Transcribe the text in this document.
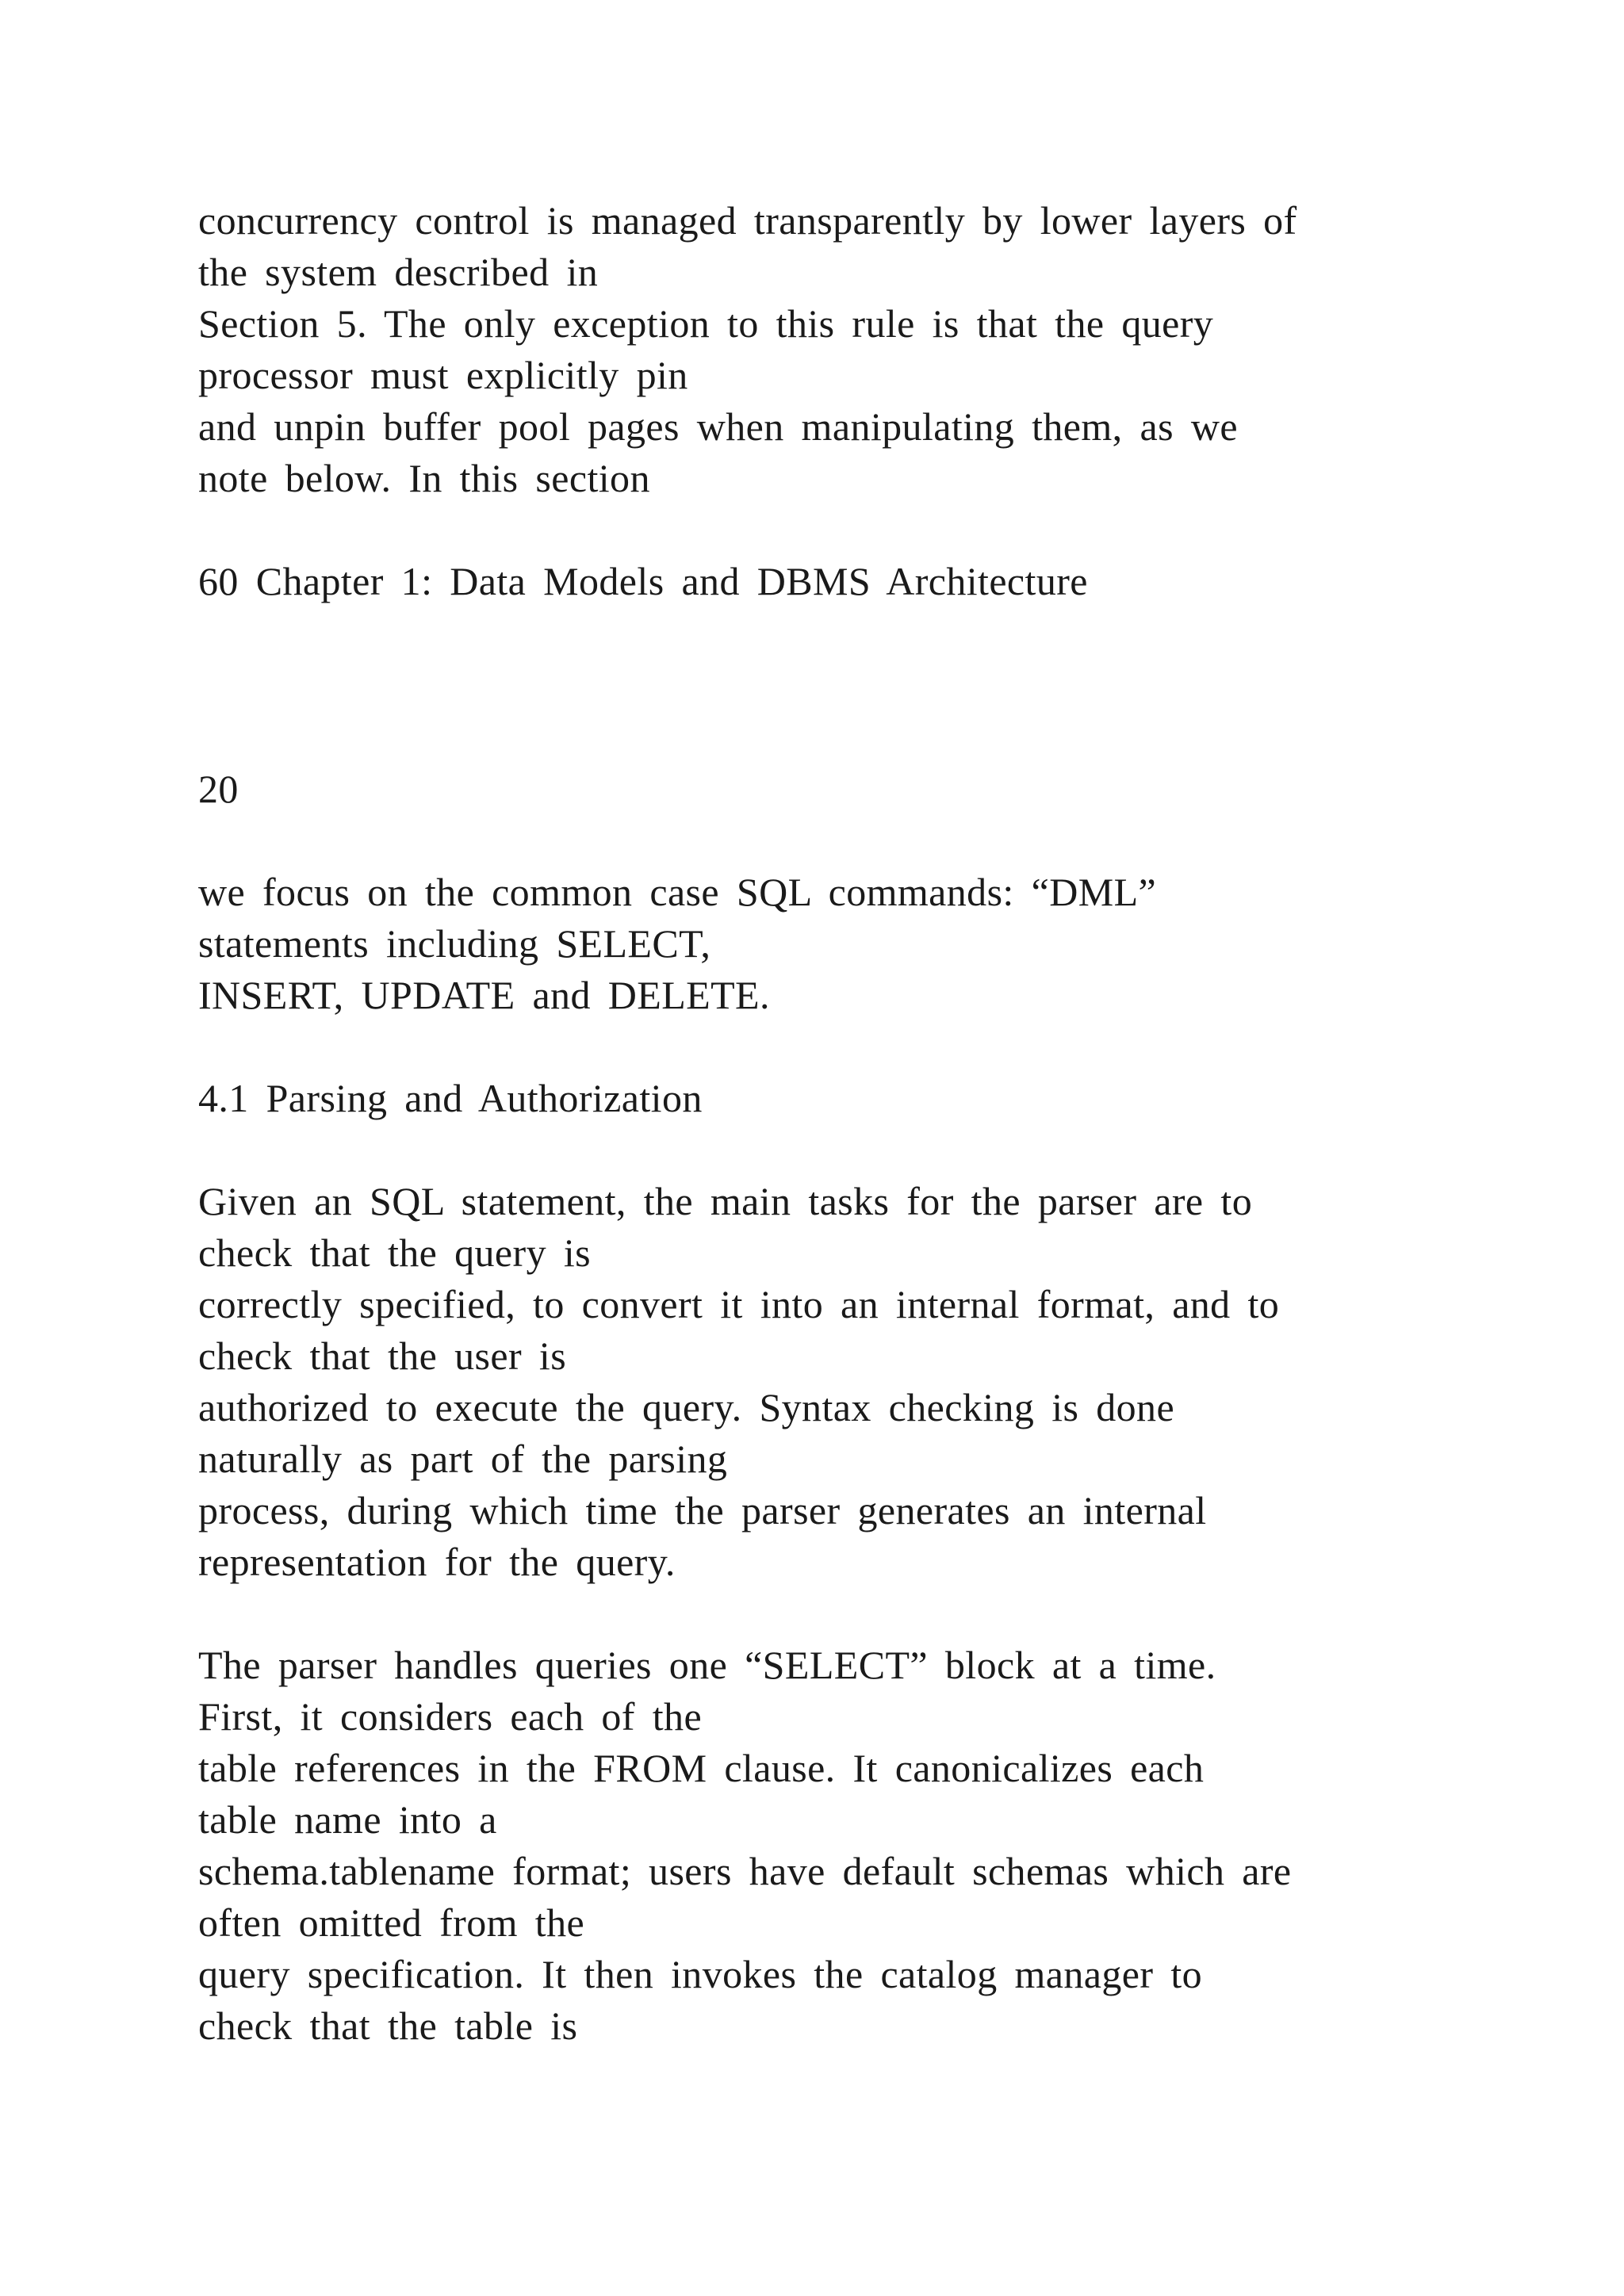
concurrency control is managed transparently by lower layers of
the system described in
Section 5. The only exception to this rule is that the query
processor must explicitly pin
and unpin buffer pool pages when manipulating them, as we
note below. In this section
60 Chapter 1: Data Models and DBMS Architecture
20
we focus on the common case SQL commands: “DML”
statements including SELECT,
INSERT, UPDATE and DELETE.
4.1 Parsing and Authorization
Given an SQL statement, the main tasks for the parser are to
check that the query is
correctly specified, to convert it into an internal format, and to
check that the user is
authorized to execute the query. Syntax checking is done
naturally as part of the parsing
process, during which time the parser generates an internal
representation for the query.
The parser handles queries one “SELECT” block at a time.
First, it considers each of the
table references in the FROM clause. It canonicalizes each
table name into a
schema.tablename format; users have default schemas which are
often omitted from the
query specification. It then invokes the catalog manager to
check that the table is
